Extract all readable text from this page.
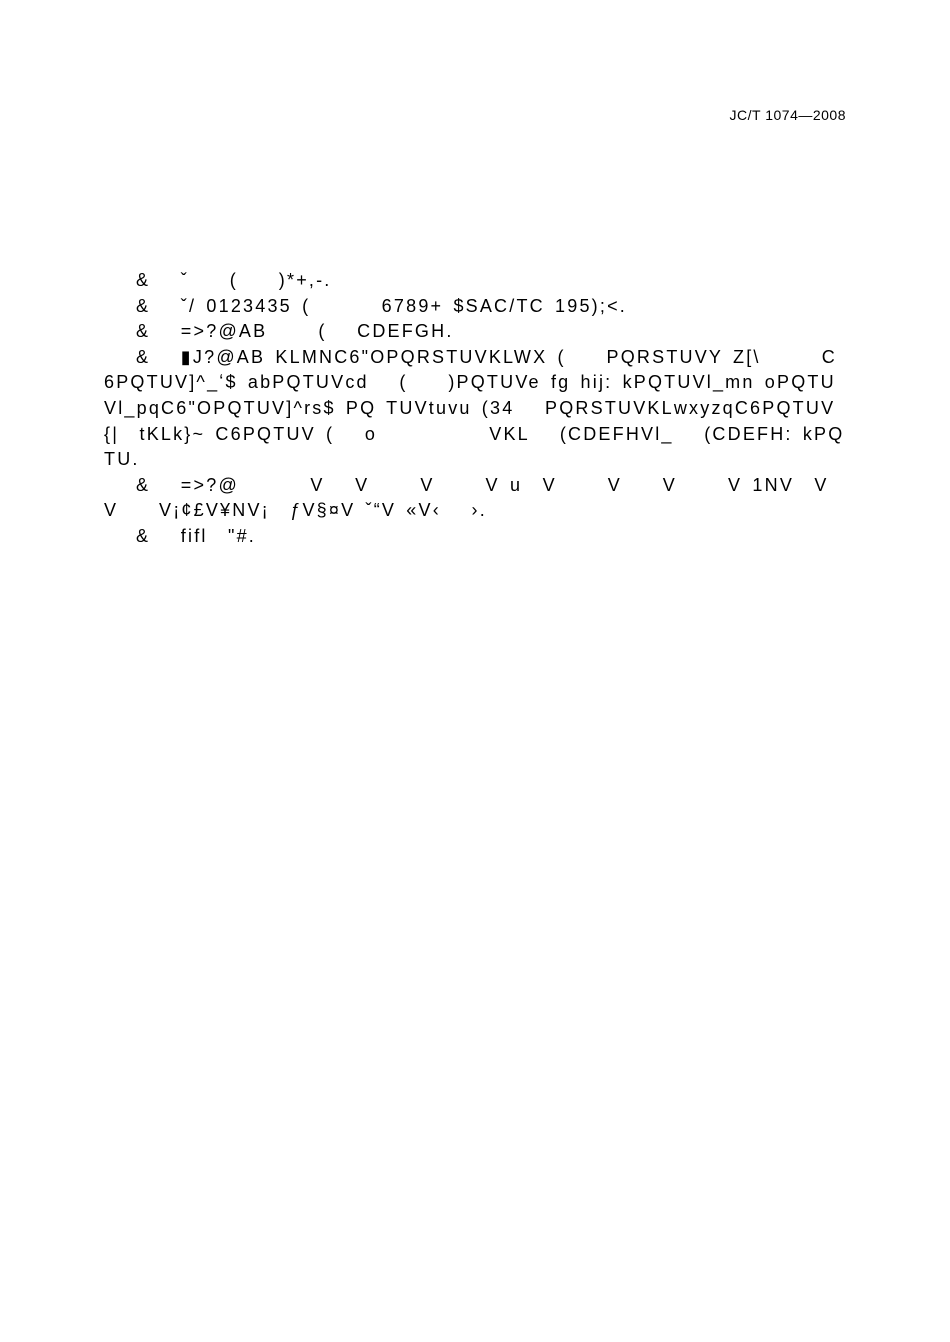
JC/T 1074—2008

&   ˇ    (    )*+,-.

&   ˇ/ 0123435 (       6789+ $SAC/TC 195);<.

&   =>?@AB     (   CDEFGH.

&   ▮J?@AB KLMNC6"OPQRSTUVKLWX (    PQRSTUVY Z[\      C6PQTUV]^_ʻ$ abPQTUVcd   (    )PQTUVe fg hij: kPQTUVl_mn oPQTUVl_pqC6"OPQTUV]^rs$ PQ TUVtuvu (34   PQRSTUVKLwxyzqC6PQTUV {|  tKLk}~ C6PQTUV (   o           VKL   (CDEFHVl_   (CDEFH: kPQTU.

&   =>?@       V   V     V     V u  V     V    V     V 1NV  V    V    V¡¢£V¥NV¡  ƒV§¤V ˇ“V «V‹   ›.

&   fifl  "#.
